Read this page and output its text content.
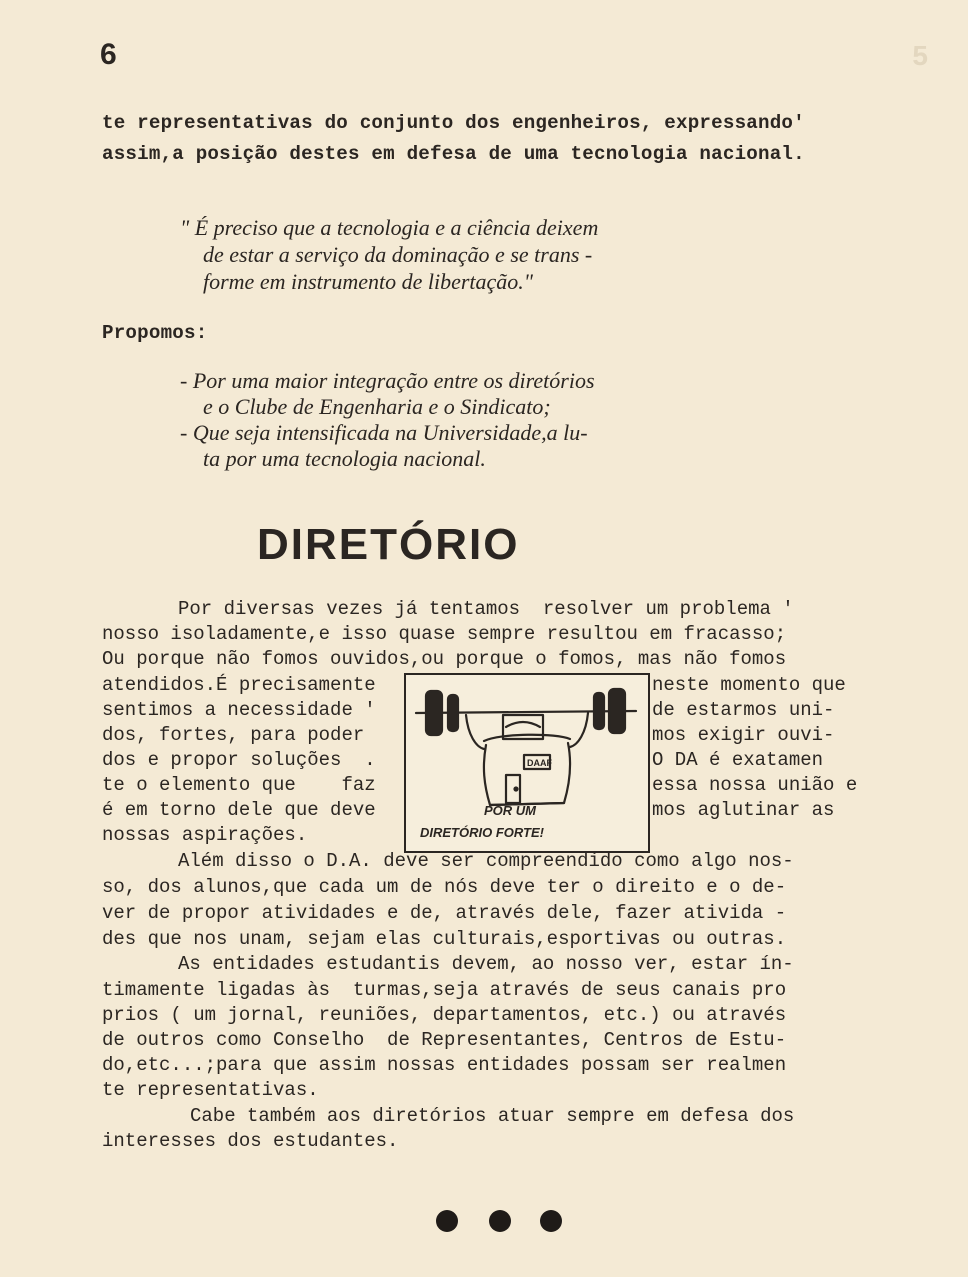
5
6
te representativas do conjunto dos engenheiros, expressando'
assim,a posição destes em defesa de uma tecnologia nacional.
" É preciso que a tecnologia e a ciência deixem
de estar a serviço da dominação e se trans -
forme em instrumento de libertação."
Propomos:
- Por uma maior integração entre os diretórios
e o Clube de Engenharia e o Sindicato;
- Que seja intensificada na Universidade,a lu-
ta por uma tecnologia nacional.
DIRETÓRIO
Por diversas vezes já tentamos  resolver um problema '
nosso isoladamente,e isso quase sempre resultou em fracasso;
Ou porque não fomos ouvidos,ou porque o fomos, mas não fomos
atendidos.É precisamente
sentimos a necessidade '
dos, fortes, para poder
dos e propor soluções  .
te o elemento que    faz
é em torno dele que deve
nossas aspirações.
neste momento que
de estarmos uni-
mos exigir ouvi-
O DA é exatamen
essa nossa união e
mos aglutinar as
DAAF
POR UM
DIRETÓRIO FORTE!
Além disso o D.A. deve ser compreendido como algo nos-
so, dos alunos,que cada um de nós deve ter o direito e o de-
ver de propor atividades e de, através dele, fazer ativida -
des que nos unam, sejam elas culturais,esportivas ou outras.
As entidades estudantis devem, ao nosso ver, estar ín-
timamente ligadas às  turmas,seja através de seus canais pro
prios ( um jornal, reuniões, departamentos, etc.) ou através
de outros como Conselho  de Representantes, Centros de Estu-
do,etc...;para que assim nossas entidades possam ser realmen
te representativas.
Cabe também aos diretórios atuar sempre em defesa dos
interesses dos estudantes.
